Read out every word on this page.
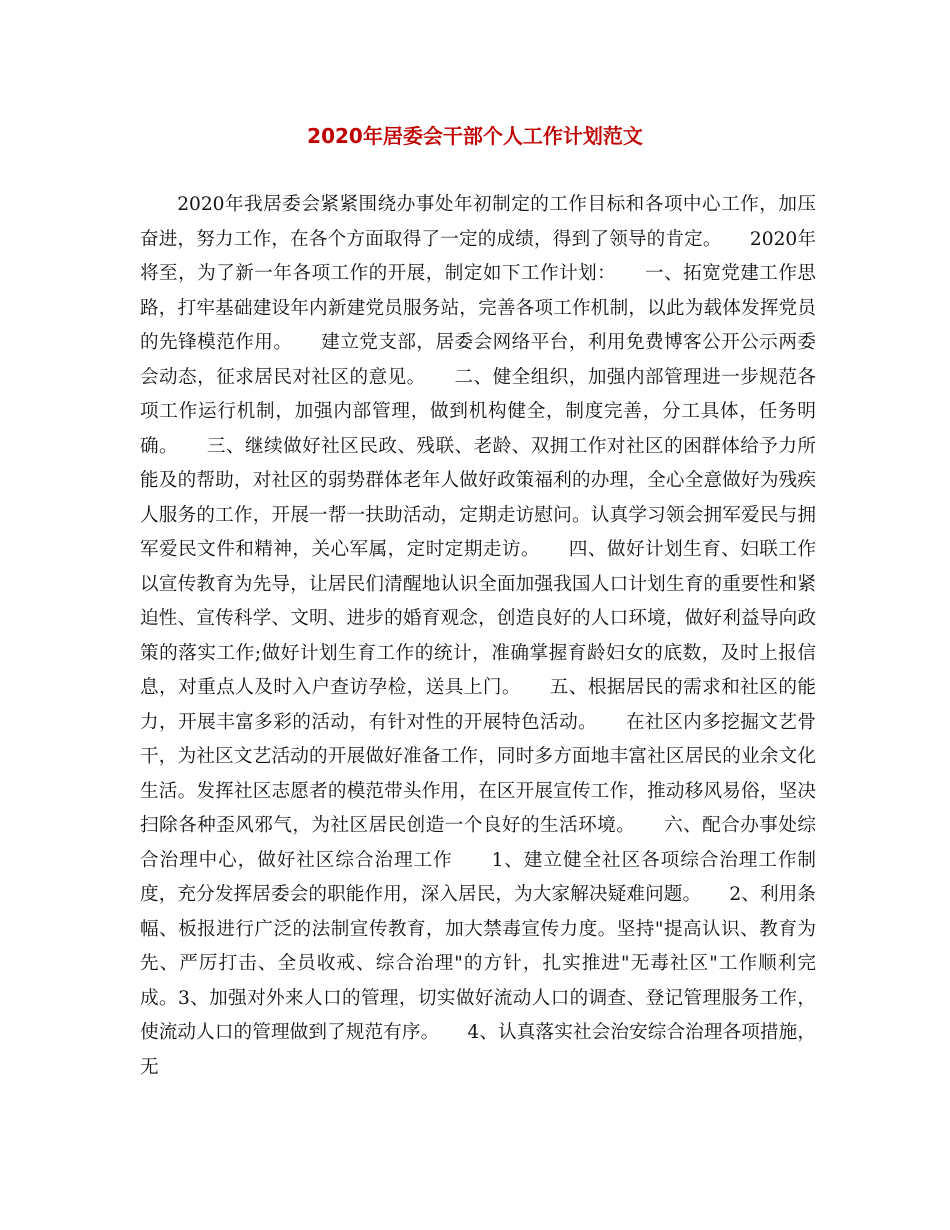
2020年居委会干部个人工作计划范文

2020年我居委会紧紧围绕办事处年初制定的工作目标和各项中心工作，加压奋进，努力工作，在各个方面取得了一定的成绩，得到了领导的肯定。　　2020年将至，为了新一年各项工作的开展，制定如下工作计划：　　一、拓宽党建工作思路，打牢基础建设年内新建党员服务站，完善各项工作机制，以此为载体发挥党员的先锋模范作用。　　建立党支部，居委会网络平台，利用免费博客公开公示两委会动态，征求居民对社区的意见。　　二、健全组织，加强内部管理进一步规范各项工作运行机制，加强内部管理，做到机构健全，制度完善，分工具体，任务明确。　　三、继续做好社区民政、残联、老龄、双拥工作对社区的困群体给予力所能及的帮助，对社区的弱势群体老年人做好政策福利的办理，全心全意做好为残疾人服务的工作，开展一帮一扶助活动，定期走访慰问。认真学习领会拥军爱民与拥军爱民文件和精神，关心军属，定时定期走访。　　四、做好计划生育、妇联工作以宣传教育为先导，让居民们清醒地认识全面加强我国人口计划生育的重要性和紧迫性、宣传科学、文明、进步的婚育观念，创造良好的人口环境，做好利益导向政策的落实工作;做好计划生育工作的统计，准确掌握育龄妇女的底数，及时上报信息，对重点人及时入户查访孕检，送具上门。　　五、根据居民的需求和社区的能力，开展丰富多彩的活动，有针对性的开展特色活动。　　在社区内多挖掘文艺骨干，为社区文艺活动的开展做好准备工作，同时多方面地丰富社区居民的业余文化生活。发挥社区志愿者的模范带头作用，在区开展宣传工作，推动移风易俗，坚决扫除各种歪风邪气，为社区居民创造一个良好的生活环境。　　六、配合办事处综合治理中心，做好社区综合治理工作　　1、建立健全社区各项综合治理工作制度，充分发挥居委会的职能作用，深入居民，为大家解决疑难问题。　　2、利用条幅、板报进行广泛的法制宣传教育，加大禁毒宣传力度。坚持"提高认识、教育为先、严厉打击、全员收戒、综合治理"的方针，扎实推进"无毒社区"工作顺利完成。3、加强对外来人口的管理，切实做好流动人口的调查、登记管理服务工作，使流动人口的管理做到了规范有序。　　4、认真落实社会治安综合治理各项措施，无
